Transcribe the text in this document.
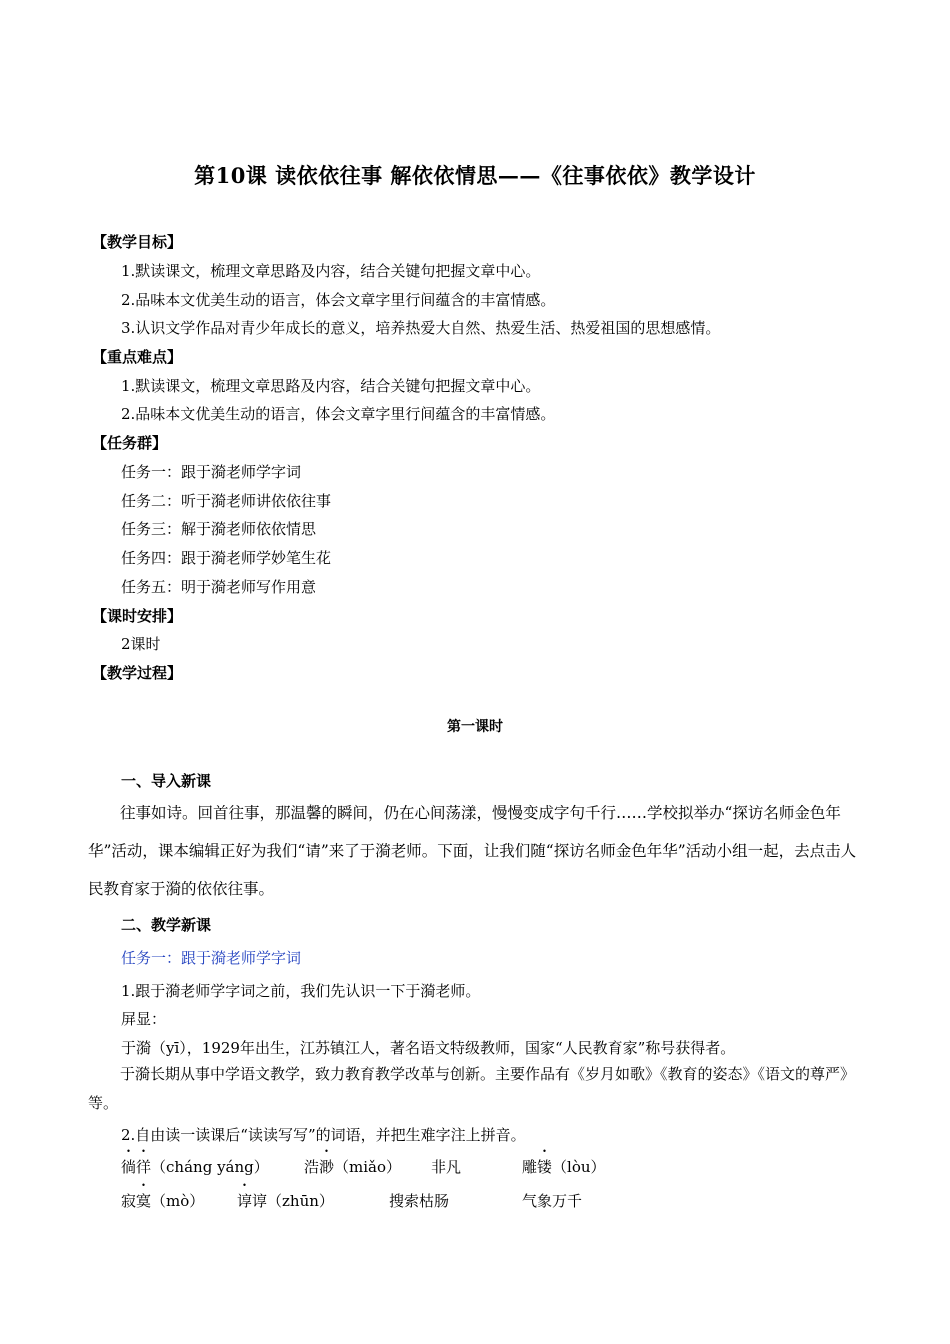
第10课 读依依往事 解依依情思——《往事依依》教学设计
【教学目标】
1.默读课文，梳理文章思路及内容，结合关键句把握文章中心。
2.品味本文优美生动的语言，体会文章字里行间蕴含的丰富情感。
3.认识文学作品对青少年成长的意义，培养热爱大自然、热爱生活、热爱祖国的思想感情。
【重点难点】
1.默读课文，梳理文章思路及内容，结合关键句把握文章中心。
2.品味本文优美生动的语言，体会文章字里行间蕴含的丰富情感。
【任务群】
任务一：跟于漪老师学字词
任务二：听于漪老师讲依依往事
任务三：解于漪老师依依情思
任务四：跟于漪老师学妙笔生花
任务五：明于漪老师写作用意
【课时安排】
2课时
【教学过程】
第一课时
一、导入新课
往事如诗。回首往事，那温馨的瞬间，仍在心间荡漾，慢慢变成字句千行……学校拟举办“探访名师金色年华”活动，课本编辑正好为我们“请”来了于漪老师。下面，让我们随“探访名师金色年华”活动小组一起，去点击人民教育家于漪的依依往事。
二、教学新课
任务一：跟于漪老师学字词
1.跟于漪老师学字词之前，我们先认识一下于漪老师。
屏显：
于漪（yī），1929年出生，江苏镇江人，著名语文特级教师，国家“人民教育家”称号获得者。
于漪长期从事中学语文教学，致力教育教学改革与创新。主要作品有《岁月如歌》《教育的姿态》《语文的尊严》等。
2.自由读一读课后“读读写写”的词语，并把生难字注上拼音。
徜徉（cháng yáng） 浩渺（miǎo） 非凡	雕镂（lòu）
寂寞（mò） 谆谆（zhūn）	搜索枯肠	气象万千
